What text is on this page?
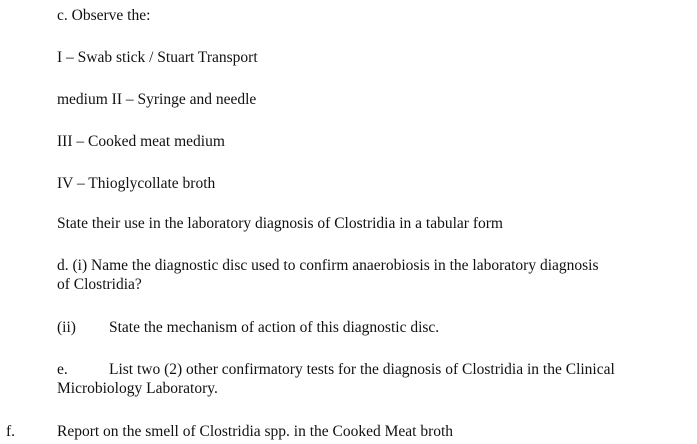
c. Observe the:
I – Swab stick / Stuart Transport
medium II – Syringe and needle
III – Cooked meat medium
IV – Thioglycollate broth
State their use in the laboratory diagnosis of Clostridia in a tabular form
d. (i) Name the diagnostic disc used to confirm anaerobiosis in the laboratory diagnosis
of Clostridia?
(ii) State the mechanism of action of this diagnostic disc.
e.	List two (2) other confirmatory tests for the diagnosis of Clostridia in the Clinical
Microbiology Laboratory.
f.	Report on the smell of Clostridia spp. in the Cooked Meat broth
